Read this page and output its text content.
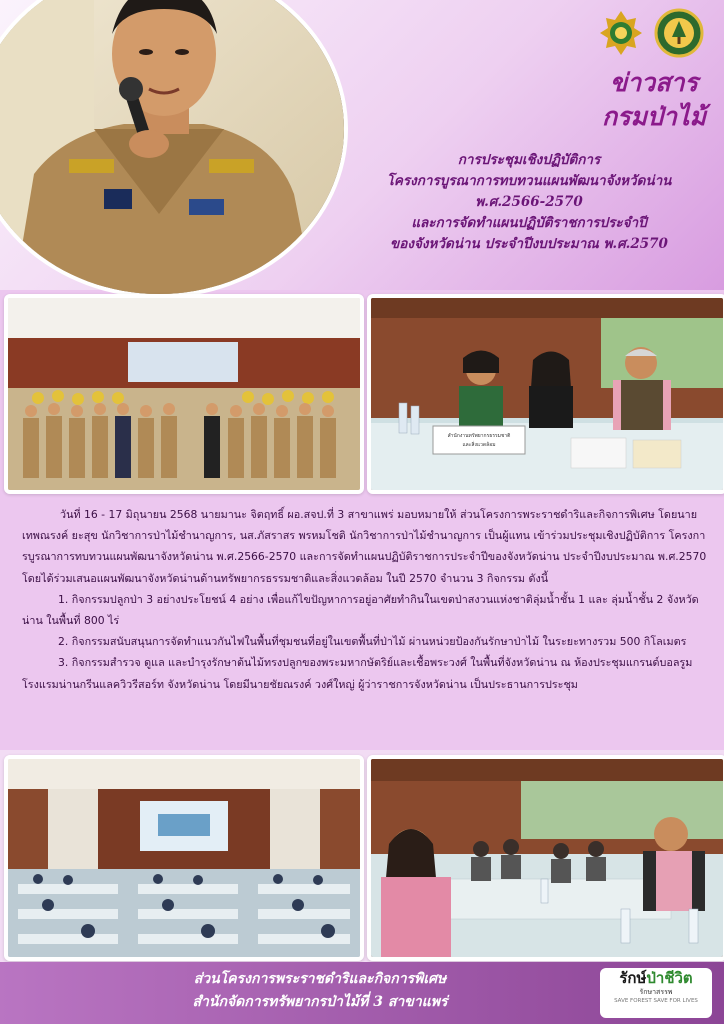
ข่าวสาร
กรมป่าไม้
การประชุมเชิงปฏิบัติการ
โครงการบูรณาการทบทวนแผนพัฒนาจังหวัดน่าน
พ.ศ.2566-2570
และการจัดทำแผนปฏิบัติราชการประจำปี
ของจังหวัดน่าน ประจำปีงบประมาณ พ.ศ.2570
สำนักงานทรัพยากรธรรมชาติ
และสิ่งแวดล้อม

วันที่ 16 - 17 มิถุนายน 2568 นายมานะ จิตฤทธิ์ ผอ.สจป.ที่ 3 สาขาแพร่ มอบหมายให้ ส่วนโครงการพระราชดำริและกิจการพิเศษ โดยนายเทพณรงค์ ยะสุข นักวิชาการป่าไม้ชำนาญการ, นส.ภัสราสร พรหมโชติ นักวิชาการป่าไม้ชำนาญการ เป็นผู้แทน เข้าร่วมประชุมเชิงปฏิบัติการ โครงการบูรณาการทบทวนแผนพัฒนาจังหวัดน่าน พ.ศ.2566-2570 และการจัดทำแผนปฏิบัติราชการประจำปีของจังหวัดน่าน ประจำปีงบประมาณ พ.ศ.2570 โดยได้ร่วมเสนอแผนพัฒนาจังหวัดน่านด้านทรัพยากรธรรมชาติและสิ่งแวดล้อม ในปี 2570 จำนวน 3 กิจกรรม ดังนี้

1. กิจกรรมปลูกป่า 3 อย่างประโยชน์ 4 อย่าง เพื่อแก้ไขปัญหาการอยู่อาศัยทำกินในเขตป่าสงวนแห่งชาติลุ่มน้ำชั้น 1 และ ลุ่มน้ำชั้น 2 จังหวัดน่าน ในพื้นที่ 800 ไร่

2. กิจกรรมสนับสนุนการจัดทำแนวกันไฟในพื้นที่ชุมชนที่อยู่ในเขตพื้นที่ป่าไม้ ผ่านหน่วยป้องกันรักษาป่าไม้ ในระยะทางรวม 500 กิโลเมตร

3. กิจกรรมสำรวจ ดูแล และบำรุงรักษาต้นไม้ทรงปลูกของพระมหากษัตริย์และเชื้อพระวงศ์ ในพื้นที่จังหวัดน่าน ณ ห้องประชุมแกรนด์บอลรูม โรงแรมน่านกรีนแลควิวรีสอร์ท จังหวัดน่าน โดยมีนายชัยณรงค์ วงศ์ใหญ่ ผู้ว่าราชการจังหวัดน่าน เป็นประธานการประชุม

ส่วนโครงการพระราชดำริและกิจการพิเศษ
สำนักจัดการทรัพยากรป่าไม้ที่ 3 สาขาแพร่
รักษ์ป่าชีวิต
รักษาสรรพ
SAVE FOREST SAVE FOR LIVES
